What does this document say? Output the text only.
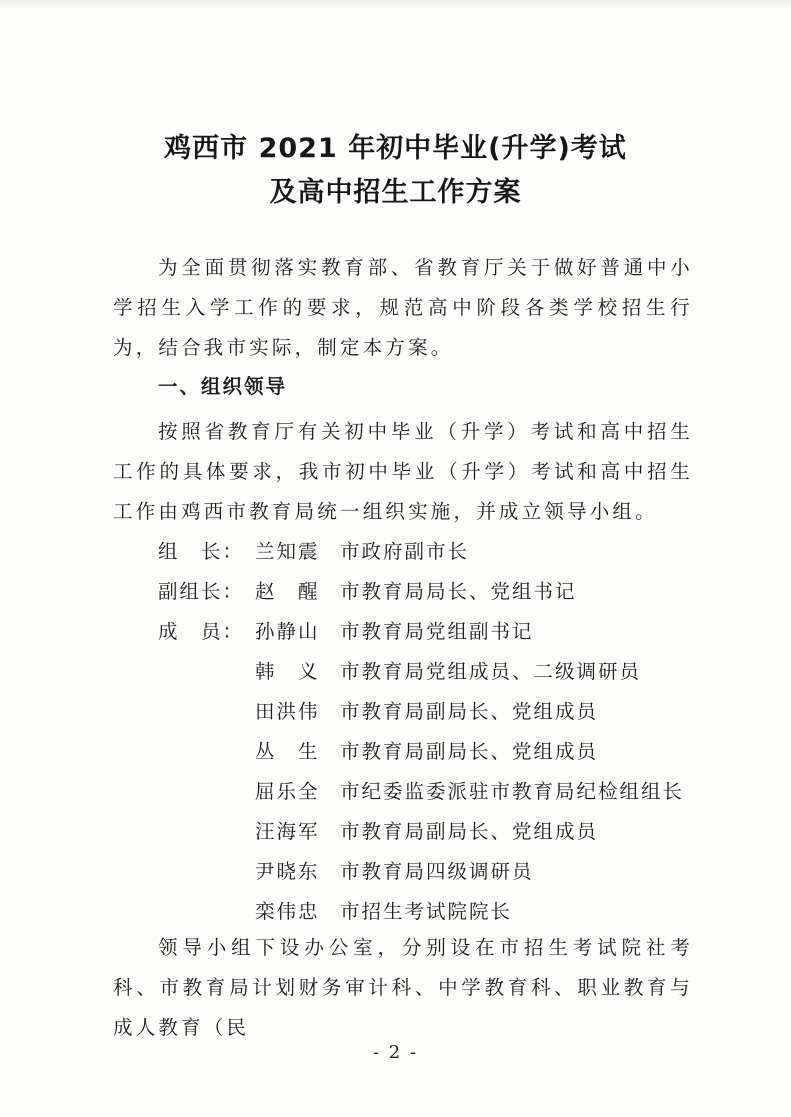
鸡西市 2021 年初中毕业(升学)考试
及高中招生工作方案

为全面贯彻落实教育部、省教育厅关于做好普通中小学招生入学工作的要求，规范高中阶段各类学校招生行为，结合我市实际，制定本方案。

一、组织领导

按照省教育厅有关初中毕业（升学）考试和高中招生工作的具体要求，我市初中毕业（升学）考试和高中招生工作由鸡西市教育局统一组织实施，并成立领导小组。

组　长： 兰知震	市政府副市长
副组长： 赵　醒	市教育局局长、党组书记
成　员： 孙静山	市教育局党组副书记
韩　义	市教育局党组成员、二级调研员
田洪伟	市教育局副局长、党组成员
丛　生	市教育局副局长、党组成员
屈乐全	市纪委监委派驻市教育局纪检组组长
汪海军	市教育局副局长、党组成员
尹晓东	市教育局四级调研员
栾伟忠	市招生考试院院长

领导小组下设办公室，分别设在市招生考试院社考科、市教育局计划财务审计科、中学教育科、职业教育与成人教育（民

- 2 -
